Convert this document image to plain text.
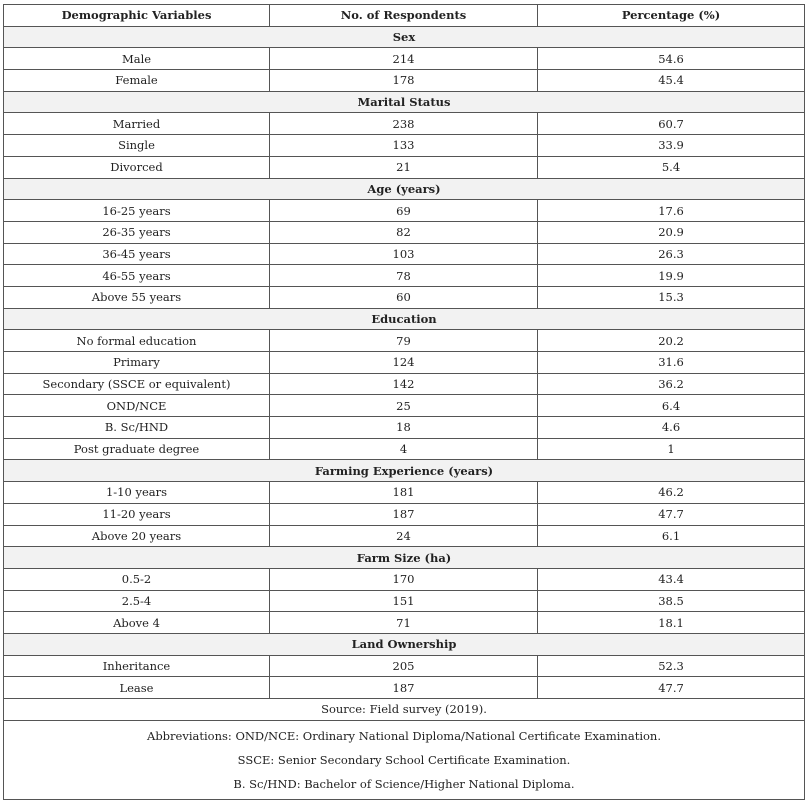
Demographic Variables	No. of Respondents	Percentage (%)
Sex		
Male	214	54.6
Female	178	45.4
Marital Status		
Married	238	60.7
Single	133	33.9
Divorced	21	5.4
Age (years)		
16-25 years	69	17.6
26-35 years	82	20.9
36-45 years	103	26.3
46-55 years	78	19.9
Above 55 years	60	15.3
Education		
No formal education	79	20.2
Primary	124	31.6
Secondary (SSCE or equivalent)	142	36.2
OND/NCE	25	6.4
B. Sc/HND	18	4.6
Post graduate degree	4	1
Farming Experience (years)		
1-10 years	181	46.2
11-20 years	187	47.7
Above 20 years	24	6.1
Farm Size (ha)		
0.5-2	170	43.4
2.5-4	151	38.5
Above 4	71	18.1
Land Ownership		
Inheritance	205	52.3
Lease	187	47.7
Source: Field survey (2019).		

Abbreviations: OND/NCE: Ordinary National Diploma/National Certificate Examination.
SSCE: Senior Secondary School Certificate Examination.
B. Sc/HND: Bachelor of Science/Higher National Diploma.		
